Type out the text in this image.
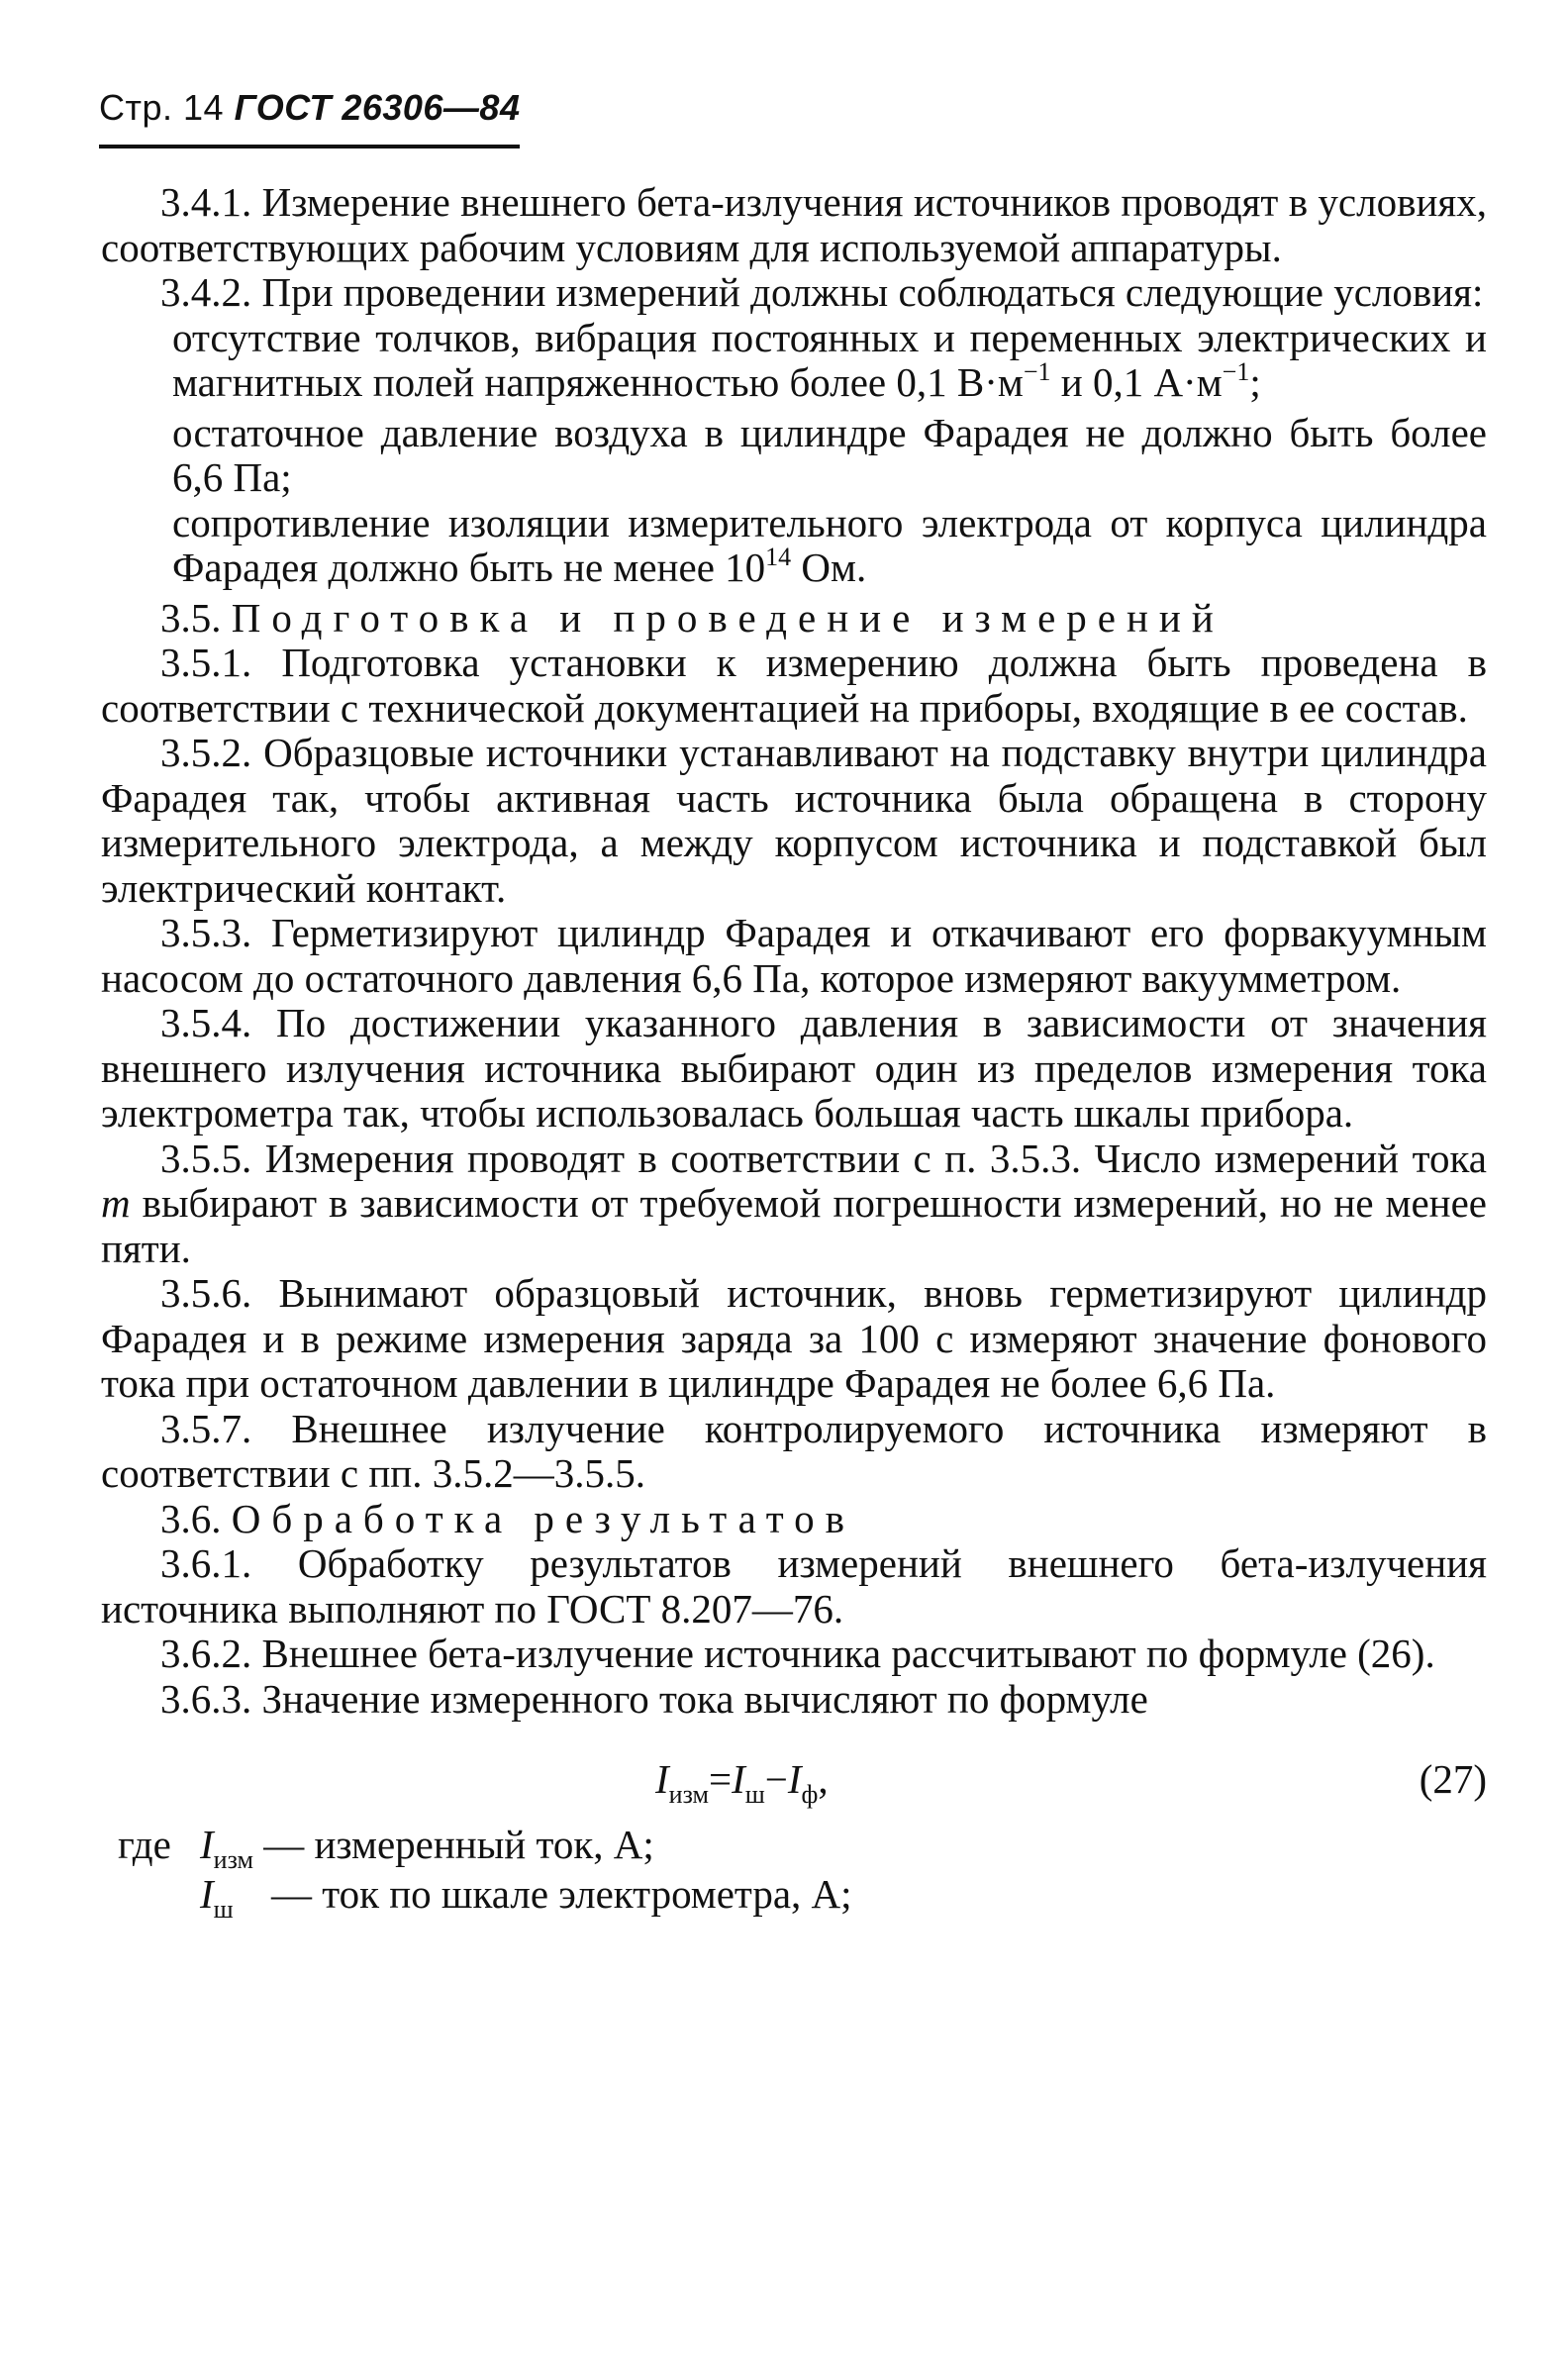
Стр. 14 ГОСТ 26306—84

3.4.1. Измерение внешнего бета-излучения источников проводят в условиях, соответствующих рабочим условиям для используемой аппаратуры.

3.4.2. При проведении измерений должны соблюдаться следующие условия:

отсутствие толчков, вибрация постоянных и переменных электрических и магнитных полей напряженностью более 0,1 $В\cdot м^{-1}$ и 0,1 $А\cdot м^{-1}$;

остаточное давление воздуха в цилиндре Фарадея не должно быть более 6,6 Па;

сопротивление изоляции измерительного электрода от корпуса цилиндра Фарадея должно быть не менее $10^{14}$ Ом.

3.5. Подготовка и проведение измерений

3.5.1. Подготовка установки к измерению должна быть проведена в соответствии с технической документацией на приборы, входящие в ее состав.

3.5.2. Образцовые источники устанавливают на подставку внутри цилиндра Фарадея так, чтобы активная часть источника была обращена в сторону измерительного электрода, а между корпусом источника и подставкой был электрический контакт.

3.5.3. Герметизируют цилиндр Фарадея и откачивают его форвакуумным насосом до остаточного давления 6,6 Па, которое измеряют вакуумметром.

3.5.4. По достижении указанного давления в зависимости от значения внешнего излучения источника выбирают один из пределов измерения тока электрометра так, чтобы использовалась большая часть шкалы прибора.

3.5.5. Измерения проводят в соответствии с п. 3.5.3. Число измерений тока m выбирают в зависимости от требуемой погрешности измерений, но не менее пяти.

3.5.6. Вынимают образцовый источник, вновь герметизируют цилиндр Фарадея и в режиме измерения заряда за 100 с измеряют значение фонового тока при остаточном давлении в цилиндре Фарадея не более 6,6 Па.

3.5.7. Внешнее излучение контролируемого источника измеряют в соответствии с пп. 3.5.2—3.5.5.

3.6. Обработка результатов

3.6.1. Обработку результатов измерений внешнего бета-излучения источника выполняют по ГОСТ 8.207—76.

3.6.2. Внешнее бета-излучение источника рассчитывают по формуле (26).

3.6.3. Значение измеренного тока вычисляют по формуле

$I_{изм}=I_ш-I_ф$,	(27)
где $I_{изм}$ — измеренный ток, А;
$I_ш$ — ток по шкале электрометра, А;
